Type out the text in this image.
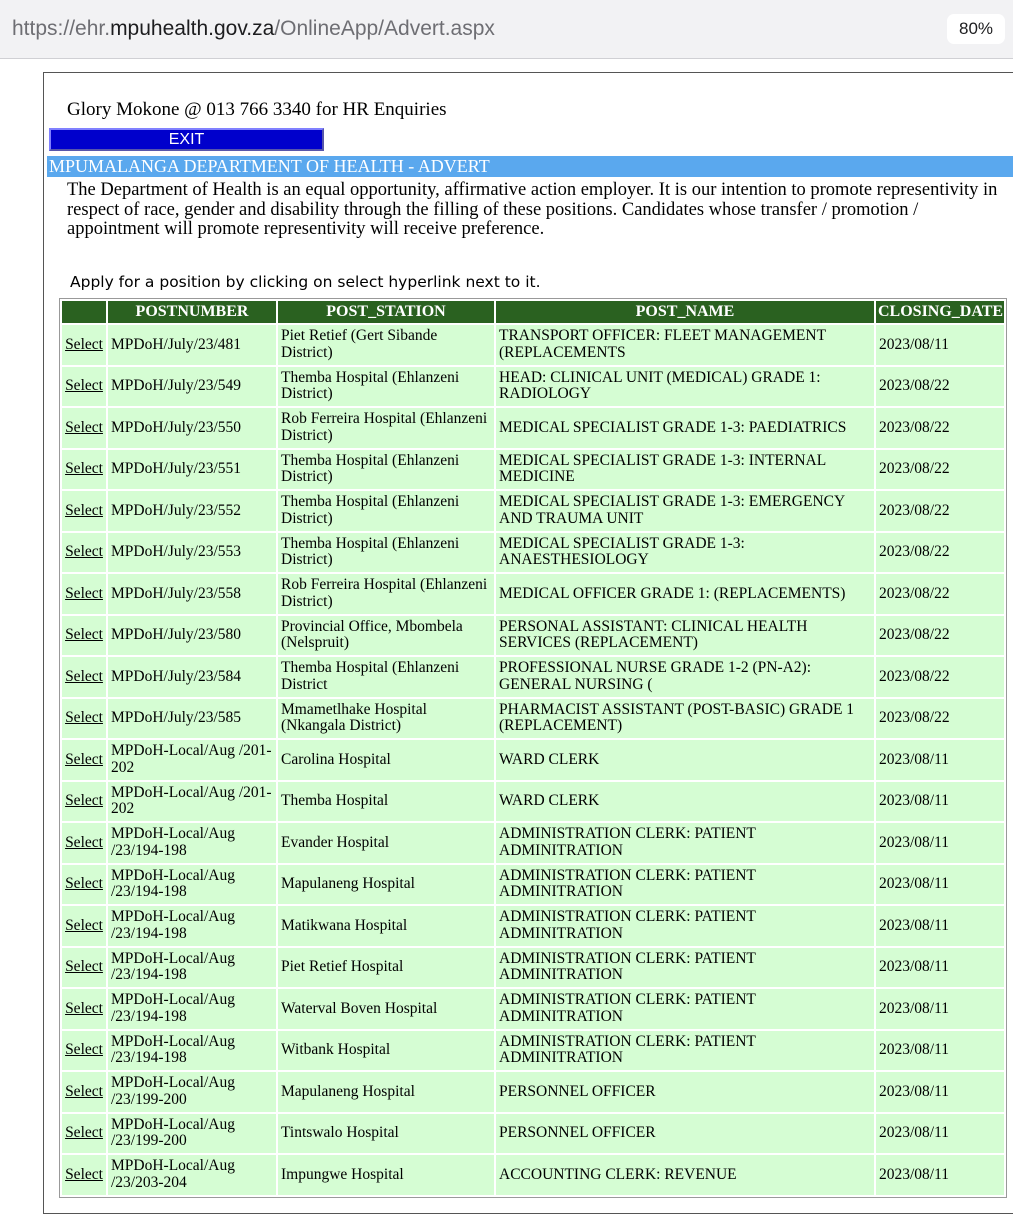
https://ehr.mpuhealth.gov.za/OnlineApp/Advert.aspx	80%
Glory Mokone @ 013 766 3340 for HR Enquiries
EXIT
MPUMALANGA DEPARTMENT OF HEALTH - ADVERT
The Department of Health is an equal opportunity, affirmative action employer. It is our intention to promote representivity in respect of race, gender and disability through the filling of these positions. Candidates whose transfer / promotion / appointment will promote representivity will receive preference.
Apply for a position by clicking on select hyperlink next to it.
	POSTNUMBER	POST_STATION	POST_NAME	CLOSING_DATE
Select	MPDoH/July/23/481	Piet Retief (Gert Sibande District)	TRANSPORT OFFICER: FLEET MANAGEMENT (REPLACEMENTS	2023/08/11
Select	MPDoH/July/23/549	Themba Hospital (Ehlanzeni District)	HEAD: CLINICAL UNIT (MEDICAL) GRADE 1: RADIOLOGY	2023/08/22
Select	MPDoH/July/23/550	Rob Ferreira Hospital (Ehlanzeni District)	MEDICAL SPECIALIST GRADE 1-3: PAEDIATRICS	2023/08/22
Select	MPDoH/July/23/551	Themba Hospital (Ehlanzeni District)	MEDICAL SPECIALIST GRADE 1-3: INTERNAL MEDICINE	2023/08/22
Select	MPDoH/July/23/552	Themba Hospital (Ehlanzeni District)	MEDICAL SPECIALIST GRADE 1-3: EMERGENCY AND TRAUMA UNIT	2023/08/22
Select	MPDoH/July/23/553	Themba Hospital (Ehlanzeni District)	MEDICAL SPECIALIST GRADE 1-3: ANAESTHESIOLOGY	2023/08/22
Select	MPDoH/July/23/558	Rob Ferreira Hospital (Ehlanzeni District)	MEDICAL OFFICER GRADE 1: (REPLACEMENTS)	2023/08/22
Select	MPDoH/July/23/580	Provincial Office, Mbombela (Nelspruit)	PERSONAL ASSISTANT: CLINICAL HEALTH SERVICES (REPLACEMENT)	2023/08/22
Select	MPDoH/July/23/584	Themba Hospital (Ehlanzeni District	PROFESSIONAL NURSE GRADE 1-2 (PN-A2): GENERAL NURSING (	2023/08/22
Select	MPDoH/July/23/585	Mmametlhake Hospital (Nkangala District)	PHARMACIST ASSISTANT (POST-BASIC) GRADE 1 (REPLACEMENT)	2023/08/22
Select	MPDoH-Local/Aug /201-202	Carolina Hospital	WARD CLERK	2023/08/11
Select	MPDoH-Local/Aug /201-202	Themba Hospital	WARD CLERK	2023/08/11
Select	MPDoH-Local/Aug /23/194-198	Evander Hospital	ADMINISTRATION CLERK: PATIENT ADMINITRATION	2023/08/11
Select	MPDoH-Local/Aug /23/194-198	Mapulaneng Hospital	ADMINISTRATION CLERK: PATIENT ADMINITRATION	2023/08/11
Select	MPDoH-Local/Aug /23/194-198	Matikwana Hospital	ADMINISTRATION CLERK: PATIENT ADMINITRATION	2023/08/11
Select	MPDoH-Local/Aug /23/194-198	Piet Retief Hospital	ADMINISTRATION CLERK: PATIENT ADMINITRATION	2023/08/11
Select	MPDoH-Local/Aug /23/194-198	Waterval Boven Hospital	ADMINISTRATION CLERK: PATIENT ADMINITRATION	2023/08/11
Select	MPDoH-Local/Aug /23/194-198	Witbank Hospital	ADMINISTRATION CLERK: PATIENT ADMINITRATION	2023/08/11
Select	MPDoH-Local/Aug /23/199-200	Mapulaneng Hospital	PERSONNEL OFFICER	2023/08/11
Select	MPDoH-Local/Aug /23/199-200	Tintswalo Hospital	PERSONNEL OFFICER	2023/08/11
Select	MPDoH-Local/Aug /23/203-204	Impungwe Hospital	ACCOUNTING CLERK: REVENUE	2023/08/11
